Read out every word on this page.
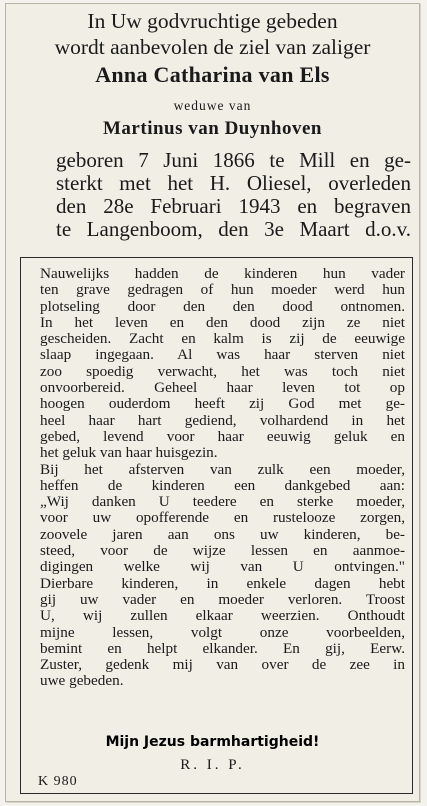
In Uw godvruchtige gebeden
wordt aanbevolen de ziel van zaliger
Anna Catharina van Els
weduwe van
Martinus van Duynhoven
geboren 7 Juni 1866 te Mill en ge-
sterkt met het H. Oliesel, overleden
den 28e Februari 1943 en begraven
te Langenboom, den 3e Maart d.o.v.
Nauwelijks hadden de kinderen hun vader
ten grave gedragen of hun moeder werd hun
plotseling door den den dood ontnomen.
In het leven en den dood zijn ze niet
gescheiden. Zacht en kalm is zij de eeuwige
slaap ingegaan. Al was haar sterven niet
zoo spoedig verwacht, het was toch niet
onvoorbereid. Geheel haar leven tot op
hoogen ouderdom heeft zij God met ge-
heel haar hart gediend, volhardend in het
gebed, levend voor haar eeuwig geluk en
het geluk van haar huisgezin.
Bij het afsterven van zulk een moeder,
heffen de kinderen een dankgebed aan:
„Wij danken U teedere en sterke moeder,
voor uw opofferende en rustelooze zorgen,
zoovele jaren aan ons uw kinderen, be-
steed, voor de wijze lessen en aanmoe-
digingen welke wij van U ontvingen."
Dierbare kinderen, in enkele dagen hebt
gij uw vader en moeder verloren. Troost
U, wij zullen elkaar weerzien. Onthoudt
mijne lessen, volgt onze voorbeelden,
bemint en helpt elkander. En gij, Eerw.
Zuster, gedenk mij van over de zee in
uwe gebeden.
Mijn Jezus barmhartigheid!
R. I. P.
K 980
